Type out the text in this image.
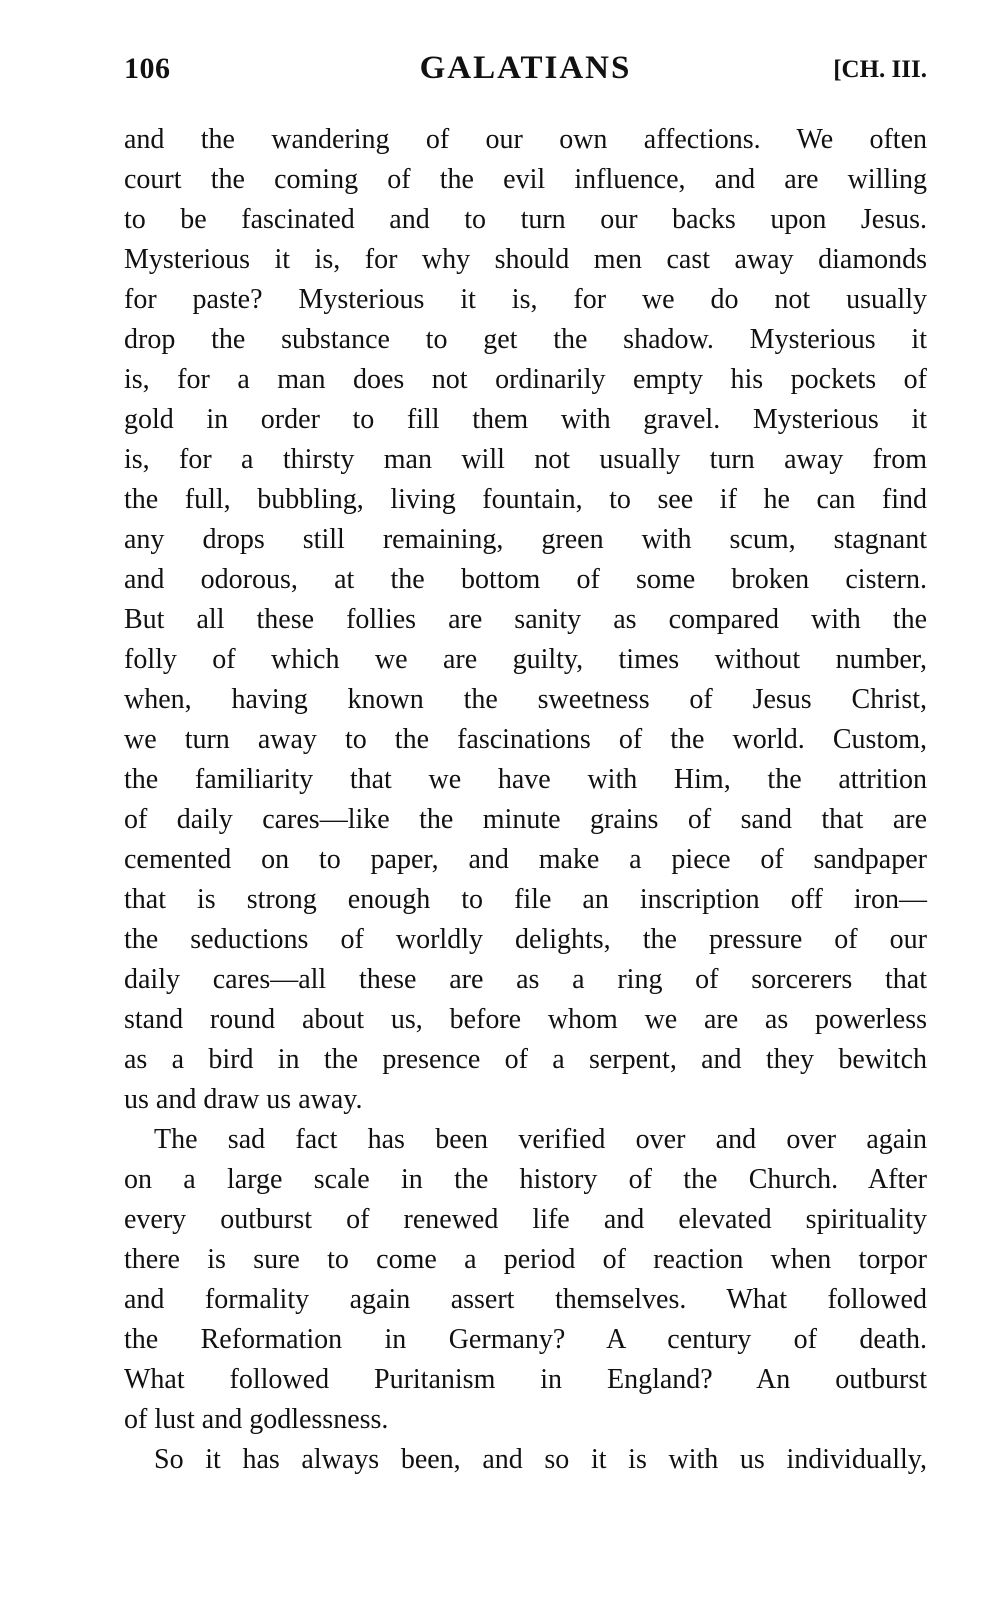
106	GALATIANS	[CH. III.
and the wandering of our own affections. We often
court the coming of the evil influence, and are willing
to be fascinated and to turn our backs upon Jesus.
Mysterious it is, for why should men cast away diamonds
for paste? Mysterious it is, for we do not usually
drop the substance to get the shadow. Mysterious it
is, for a man does not ordinarily empty his pockets of
gold in order to fill them with gravel. Mysterious it
is, for a thirsty man will not usually turn away from
the full, bubbling, living fountain, to see if he can find
any drops still remaining, green with scum, stagnant
and odorous, at the bottom of some broken cistern.
But all these follies are sanity as compared with the
folly of which we are guilty, times without number,
when, having known the sweetness of Jesus Christ,
we turn away to the fascinations of the world. Custom,
the familiarity that we have with Him, the attrition
of daily cares—like the minute grains of sand that are
cemented on to paper, and make a piece of sandpaper
that is strong enough to file an inscription off iron—
the seductions of worldly delights, the pressure of our
daily cares—all these are as a ring of sorcerers that
stand round about us, before whom we are as powerless
as a bird in the presence of a serpent, and they bewitch
us and draw us away.
The sad fact has been verified over and over again
on a large scale in the history of the Church. After
every outburst of renewed life and elevated spirituality
there is sure to come a period of reaction when torpor
and formality again assert themselves. What followed
the Reformation in Germany? A century of death.
What followed Puritanism in England? An outburst
of lust and godlessness.
So it has always been, and so it is with us individually,
